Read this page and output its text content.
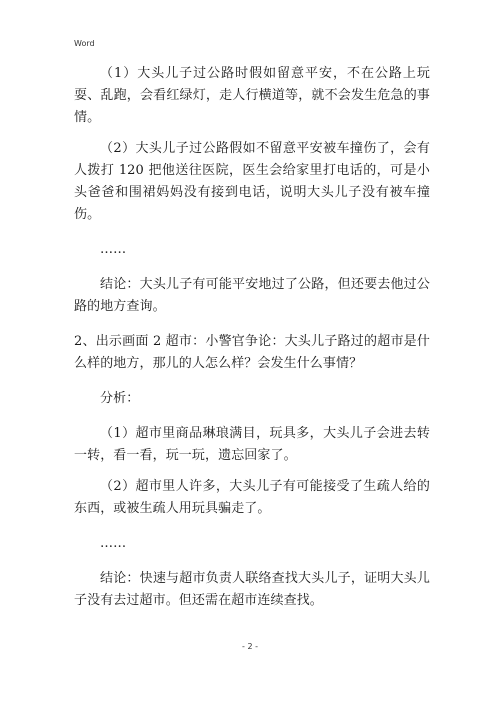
Word

（1）大头儿子过公路时假如留意平安，不在公路上玩耍、乱跑，会看红绿灯，走人行横道等，就不会发生危急的事情。

（2）大头儿子过公路假如不留意平安被车撞伤了，会有人拨打 120 把他送往医院，医生会给家里打电话的，可是小头爸爸和围裙妈妈没有接到电话，说明大头儿子没有被车撞伤。

……

结论：大头儿子有可能平安地过了公路，但还要去他过公路的地方查询。

2、出示画面 2 超市：小警官争论：大头儿子路过的超市是什么样的地方，那儿的人怎么样？会发生什么事情？

分析：

（1）超市里商品琳琅满目，玩具多，大头儿子会进去转一转，看一看，玩一玩，遗忘回家了。

（2）超市里人许多，大头儿子有可能接受了生疏人给的东西，或被生疏人用玩具骗走了。

……

结论：快速与超市负责人联络查找大头儿子，证明大头儿子没有去过超市。但还需在超市连续查找。

- 2 -
